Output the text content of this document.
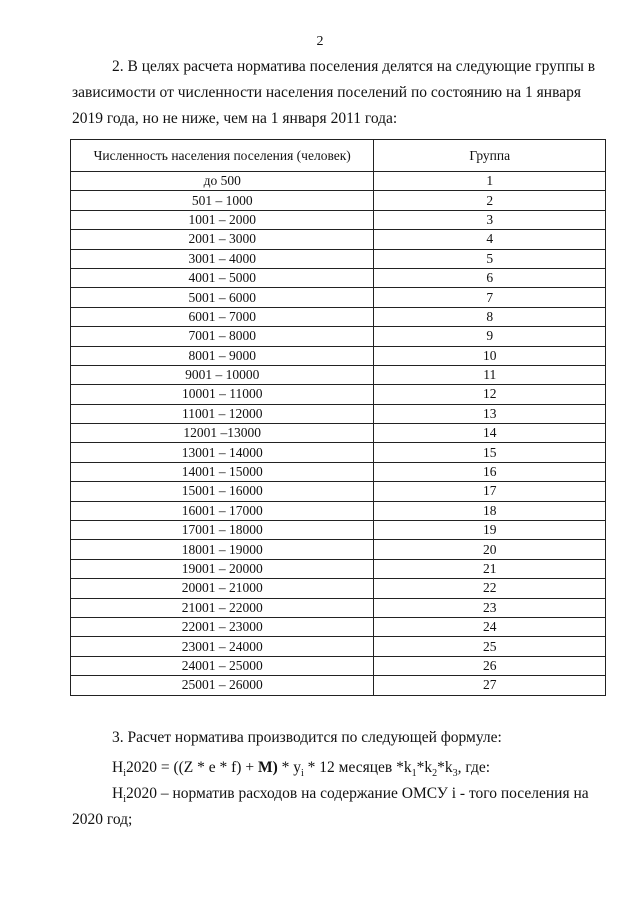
2
2. В целях расчета норматива поселения делятся на следующие группы в
зависимости от численности населения поселений по состоянию на 1 января
2019 года, но не ниже, чем на 1 января 2011 года:
Численность населения поселения (человек)	Группа
до 500	1
501 – 1000	2
1001 – 2000	3
2001 – 3000	4
3001 – 4000	5
4001 – 5000	6
5001 – 6000	7
6001 – 7000	8
7001 – 8000	9
8001 – 9000	10
9001 – 10000	11
10001 – 11000	12
11001 – 12000	13
12001 –13000	14
13001 – 14000	15
14001 – 15000	16
15001 – 16000	17
16001 – 17000	18
17001 – 18000	19
18001 – 19000	20
19001 – 20000	21
20001 – 21000	22
21001 – 22000	23
22001 – 23000	24
23001 – 24000	25
24001 – 25000	26
25001 – 26000	27
3. Расчет норматива производится по следующей формуле:
$Н_i2020 = ((Z * e * f) + М) * y_i * 12$ месяцев $*k_1*k_2*k_3$, где:
$Н_i2020$ – норматив расходов на содержание ОМСУ i - того поселения на
2020 год;
